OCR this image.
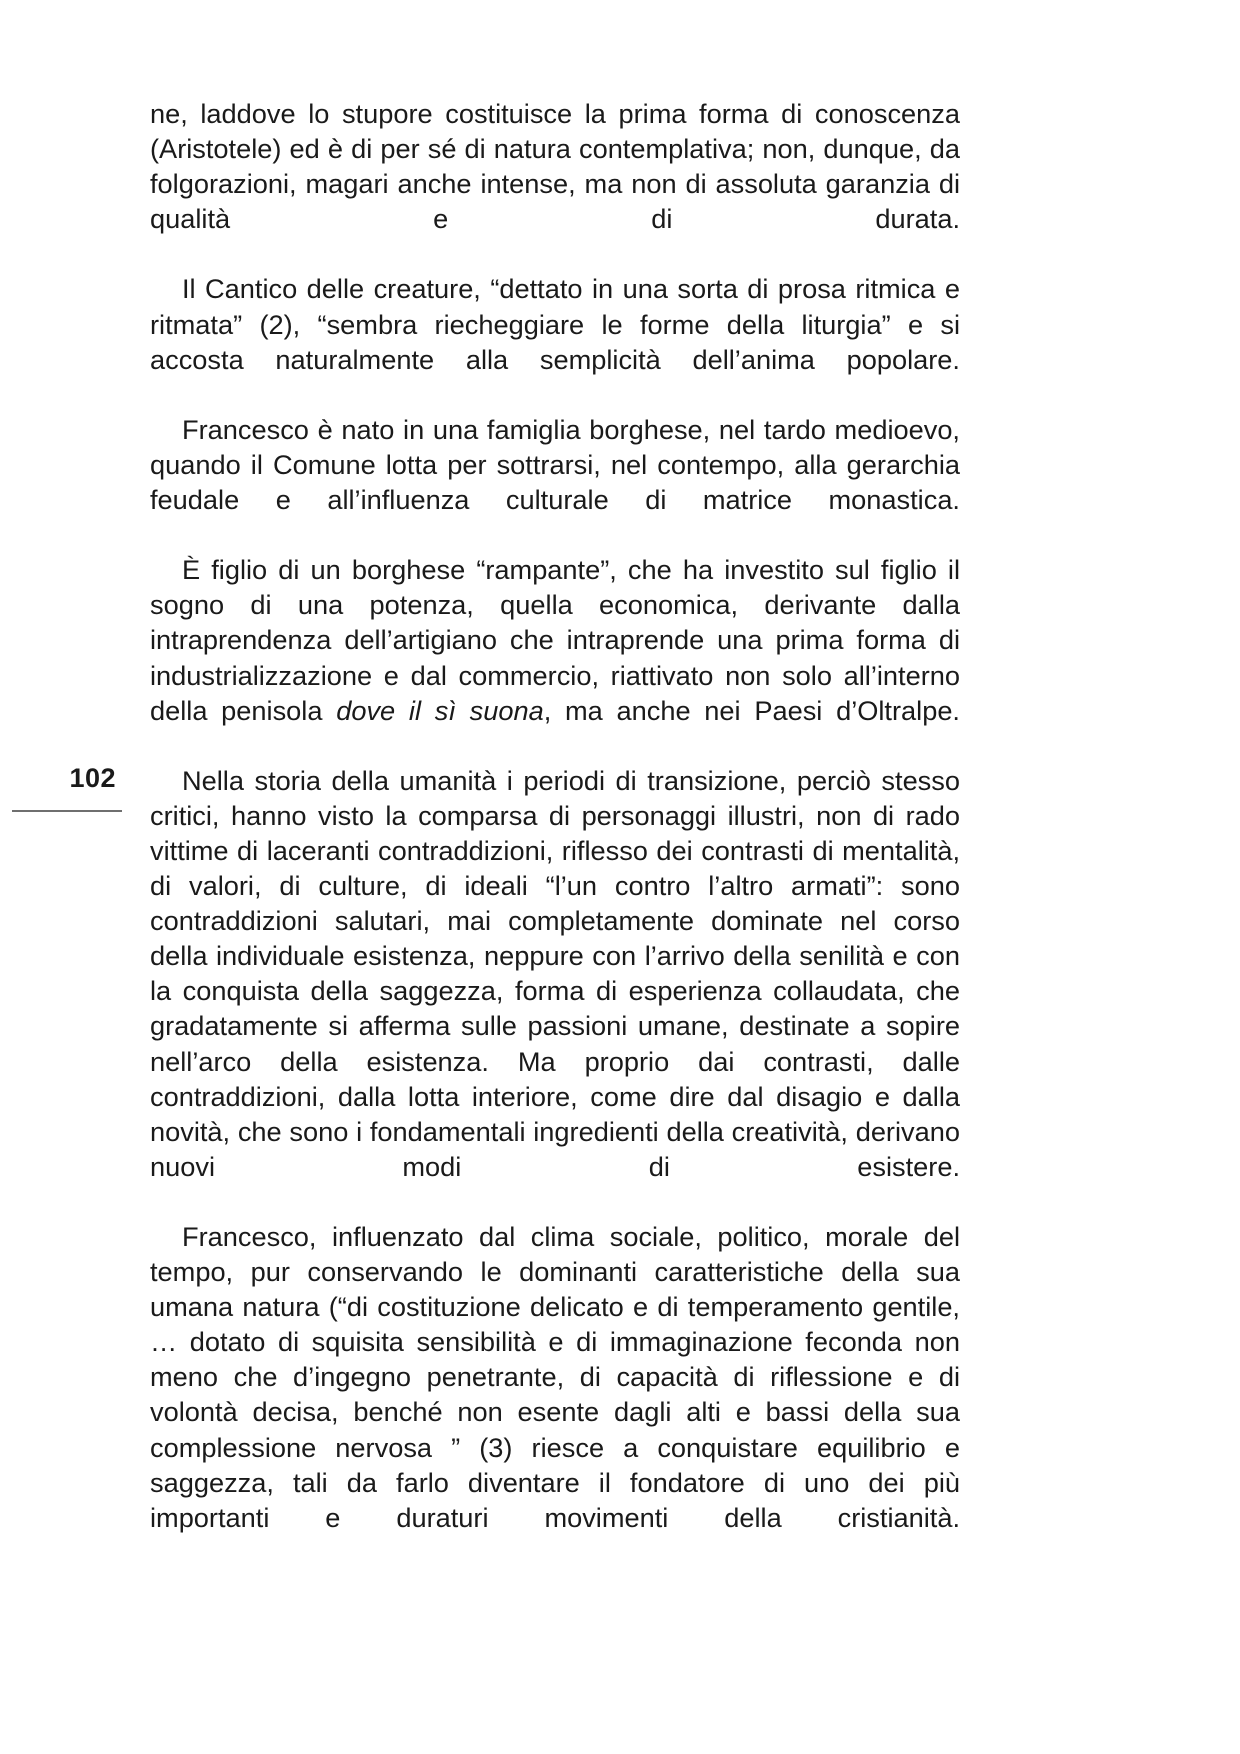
102

ne, laddove lo stupore costituisce la prima forma di conoscenza (Aristotele) ed è di per sé di natura contemplativa; non, dunque, da folgorazioni, magari anche intense, ma non di assoluta garanzia di qualità e di durata.

Il Cantico delle creature, “dettato in una sorta di prosa ritmica e ritmata” (2), “sembra riecheggiare le forme della liturgia” e si accosta naturalmente alla semplicità dell’anima popolare.

Francesco è nato in una famiglia borghese, nel tardo medioevo, quando il Comune lotta per sottrarsi, nel contempo, alla gerarchia feudale e all’influenza culturale di matrice monastica.

È figlio di un borghese “rampante”, che ha investito sul figlio il sogno di una potenza, quella economica, derivante dalla intraprendenza dell’artigiano che intraprende una prima forma di industrializzazione e dal commercio, riattivato non solo all’interno della penisola dove il sì suona, ma anche nei Paesi d’Oltralpe.

Nella storia della umanità i periodi di transizione, perciò stesso critici, hanno visto la comparsa di personaggi illustri, non di rado vittime di laceranti contraddizioni, riflesso dei contrasti di mentalità, di valori, di culture, di ideali “l’un contro l’altro armati”: sono contraddizioni salutari, mai completamente dominate nel corso della individuale esistenza, neppure con l’arrivo della senilità e con la conquista della saggezza, forma di esperienza collaudata, che gradatamente si afferma sulle passioni umane, destinate a sopire nell’arco della esistenza. Ma proprio dai contrasti, dalle contraddizioni, dalla lotta interiore, come dire dal disagio e dalla novità, che sono i fondamentali ingredienti della creatività, derivano nuovi modi di esistere.

Francesco, influenzato dal clima sociale, politico, morale del tempo, pur conservando le dominanti caratteristiche della sua umana natura (“di costituzione delicato e di temperamento gentile, … dotato di squisita sensibilità e di immaginazione feconda non meno che d’ingegno penetrante, di capacità di riflessione e di volontà decisa, benché non esente dagli alti e bassi della sua complessione nervosa ” (3) riesce a conquistare equilibrio e saggezza, tali da farlo diventare il fondatore di uno dei più importanti e duraturi movimenti della cristianità.
